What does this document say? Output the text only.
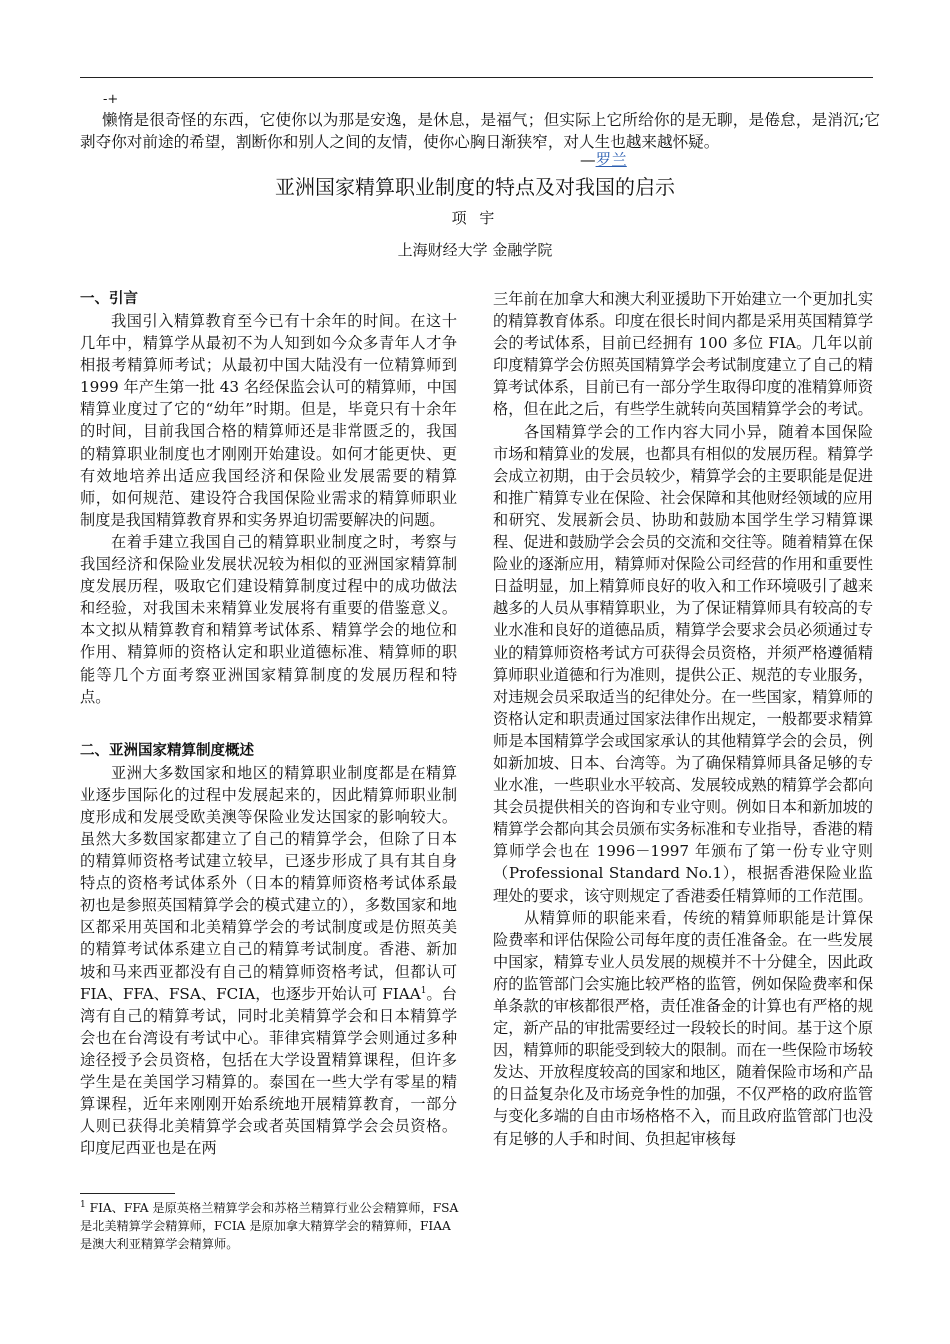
-+

懒惰是很奇怪的东西，它使你以为那是安逸，是休息，是福气；但实际上它所给你的是无聊，是倦怠，是消沉;它剥夺你对前途的希望，割断你和别人之间的友情，使你心胸日渐狭窄，对人生也越来越怀疑。

—罗兰
亚洲国家精算职业制度的特点及对我国的启示
项 宇
上海财经大学 金融学院
一、引言

我国引入精算教育至今已有十余年的时间。在这十几年中，精算学从最初不为人知到如今众多青年人才争相报考精算师考试；从最初中国大陆没有一位精算师到 1999 年产生第一批 43 名经保监会认可的精算师，中国精算业度过了它的“幼年”时期。但是，毕竟只有十余年的时间，目前我国合格的精算师还是非常匮乏的，我国的精算职业制度也才刚刚开始建设。如何才能更快、更有效地培养出适应我国经济和保险业发展需要的精算师，如何规范、建设符合我国保险业需求的精算师职业制度是我国精算教育界和实务界迫切需要解决的问题。

在着手建立我国自己的精算职业制度之时，考察与我国经济和保险业发展状况较为相似的亚洲国家精算制度发展历程，吸取它们建设精算制度过程中的成功做法和经验，对我国未来精算业发展将有重要的借鉴意义。本文拟从精算教育和精算考试体系、精算学会的地位和作用、精算师的资格认定和职业道德标准、精算师的职能等几个方面考察亚洲国家精算制度的发展历程和特点。

二、亚洲国家精算制度概述

亚洲大多数国家和地区的精算职业制度都是在精算业逐步国际化的过程中发展起来的，因此精算师职业制度形成和发展受欧美澳等保险业发达国家的影响较大。虽然大多数国家都建立了自己的精算学会，但除了日本的精算师资格考试建立较早，已逐步形成了具有其自身特点的资格考试体系外（日本的精算师资格考试体系最初也是参照英国精算学会的模式建立的），多数国家和地区都采用英国和北美精算学会的考试制度或是仿照英美的精算考试体系建立自己的精算考试制度。香港、新加坡和马来西亚都没有自己的精算师资格考试，但都认可 FIA、FFA、FSA、FCIA，也逐步开始认可 FIAA$^1$。台湾有自己的精算考试，同时北美精算学会和日本精算学会也在台湾设有考试中心。菲律宾精算学会则通过多种途径授予会员资格，包括在大学设置精算课程，但许多学生是在美国学习精算的。泰国在一些大学有零星的精算课程，近年来刚刚开始系统地开展精算教育，一部分人则已获得北美精算学会或者英国精算学会会员资格。印度尼西亚也是在两

三年前在加拿大和澳大利亚援助下开始建立一个更加扎实的精算教育体系。印度在很长时间内都是采用英国精算学会的考试体系，目前已经拥有 100 多位 FIA。几年以前印度精算学会仿照英国精算学会考试制度建立了自己的精算考试体系，目前已有一部分学生取得印度的准精算师资格，但在此之后，有些学生就转向英国精算学会的考试。

各国精算学会的工作内容大同小异，随着本国保险市场和精算业的发展，也都具有相似的发展历程。精算学会成立初期，由于会员较少，精算学会的主要职能是促进和推广精算专业在保险、社会保障和其他财经领域的应用和研究、发展新会员、协助和鼓励本国学生学习精算课程、促进和鼓励学会会员的交流和交往等。随着精算在保险业的逐渐应用，精算师对保险公司经营的作用和重要性日益明显，加上精算师良好的收入和工作环境吸引了越来越多的人员从事精算职业，为了保证精算师具有较高的专业水准和良好的道德品质，精算学会要求会员必须通过专业的精算师资格考试方可获得会员资格，并须严格遵循精算师职业道德和行为准则，提供公正、规范的专业服务，对违规会员采取适当的纪律处分。在一些国家，精算师的资格认定和职责通过国家法律作出规定，一般都要求精算师是本国精算学会或国家承认的其他精算学会的会员，例如新加坡、日本、台湾等。为了确保精算师具备足够的专业水准，一些职业水平较高、发展较成熟的精算学会都向其会员提供相关的咨询和专业守则。例如日本和新加坡的精算学会都向其会员颁布实务标准和专业指导，香港的精算师学会也在 1996－1997 年颁布了第一份专业守则（Professional Standard No.1），根据香港保险业监理处的要求，该守则规定了香港委任精算师的工作范围。

从精算师的职能来看，传统的精算师职能是计算保险费率和评估保险公司每年度的责任准备金。在一些发展中国家，精算专业人员发展的规模并不十分健全，因此政府的监管部门会实施比较严格的监管，例如保险费率和保单条款的审核都很严格，责任准备金的计算也有严格的规定，新产品的审批需要经过一段较长的时间。基于这个原因，精算师的职能受到较大的限制。而在一些保险市场较发达、开放程度较高的国家和地区，随着保险市场和产品的日益复杂化及市场竞争性的加强，不仅严格的政府监管与变化多端的自由市场格格不入，而且政府监管部门也没有足够的人手和时间、负担起审核每

$^1$ FIA、FFA 是原英格兰精算学会和苏格兰精算行业公会精算师，FSA 是北美精算学会精算师，FCIA 是原加拿大精算学会的精算师，FIAA 是澳大利亚精算学会精算师。
